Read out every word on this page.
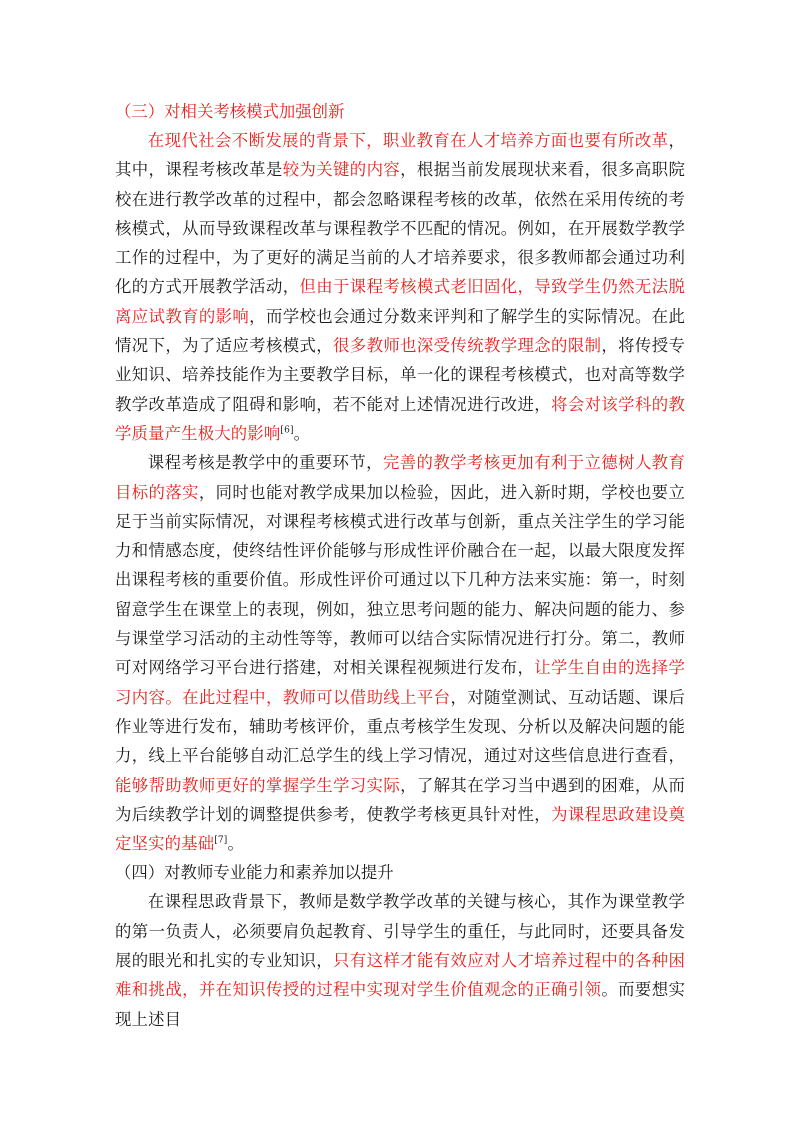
（三）对相关考核模式加强创新

在现代社会不断发展的背景下，职业教育在人才培养方面也要有所改革，其中，课程考核改革是较为关键的内容，根据当前发展现状来看，很多高职院校在进行教学改革的过程中，都会忽略课程考核的改革，依然在采用传统的考核模式，从而导致课程改革与课程教学不匹配的情况。例如，在开展数学教学工作的过程中，为了更好的满足当前的人才培养要求，很多教师都会通过功利化的方式开展教学活动，但由于课程考核模式老旧固化，导致学生仍然无法脱离应试教育的影响，而学校也会通过分数来评判和了解学生的实际情况。在此情况下，为了适应考核模式，很多教师也深受传统教学理念的限制，将传授专业知识、培养技能作为主要教学目标，单一化的课程考核模式，也对高等数学教学改革造成了阻碍和影响，若不能对上述情况进行改进，将会对该学科的教学质量产生极大的影响[6]。

课程考核是教学中的重要环节，完善的教学考核更加有利于立德树人教育目标的落实，同时也能对教学成果加以检验，因此，进入新时期，学校也要立足于当前实际情况，对课程考核模式进行改革与创新，重点关注学生的学习能力和情感态度，使终结性评价能够与形成性评价融合在一起，以最大限度发挥出课程考核的重要价值。形成性评价可通过以下几种方法来实施：第一，时刻留意学生在课堂上的表现，例如，独立思考问题的能力、解决问题的能力、参与课堂学习活动的主动性等等，教师可以结合实际情况进行打分。第二，教师可对网络学习平台进行搭建，对相关课程视频进行发布，让学生自由的选择学习内容。在此过程中，教师可以借助线上平台，对随堂测试、互动话题、课后作业等进行发布，辅助考核评价，重点考核学生发现、分析以及解决问题的能力，线上平台能够自动汇总学生的线上学习情况，通过对这些信息进行查看，能够帮助教师更好的掌握学生学习实际，了解其在学习当中遇到的困难，从而为后续教学计划的调整提供参考，使教学考核更具针对性，为课程思政建设奠定坚实的基础[7]。

（四）对教师专业能力和素养加以提升

在课程思政背景下，教师是数学教学改革的关键与核心，其作为课堂教学的第一负责人，必须要肩负起教育、引导学生的重任，与此同时，还要具备发展的眼光和扎实的专业知识，只有这样才能有效应对人才培养过程中的各种困难和挑战，并在知识传授的过程中实现对学生价值观念的正确引领。而要想实现上述目
